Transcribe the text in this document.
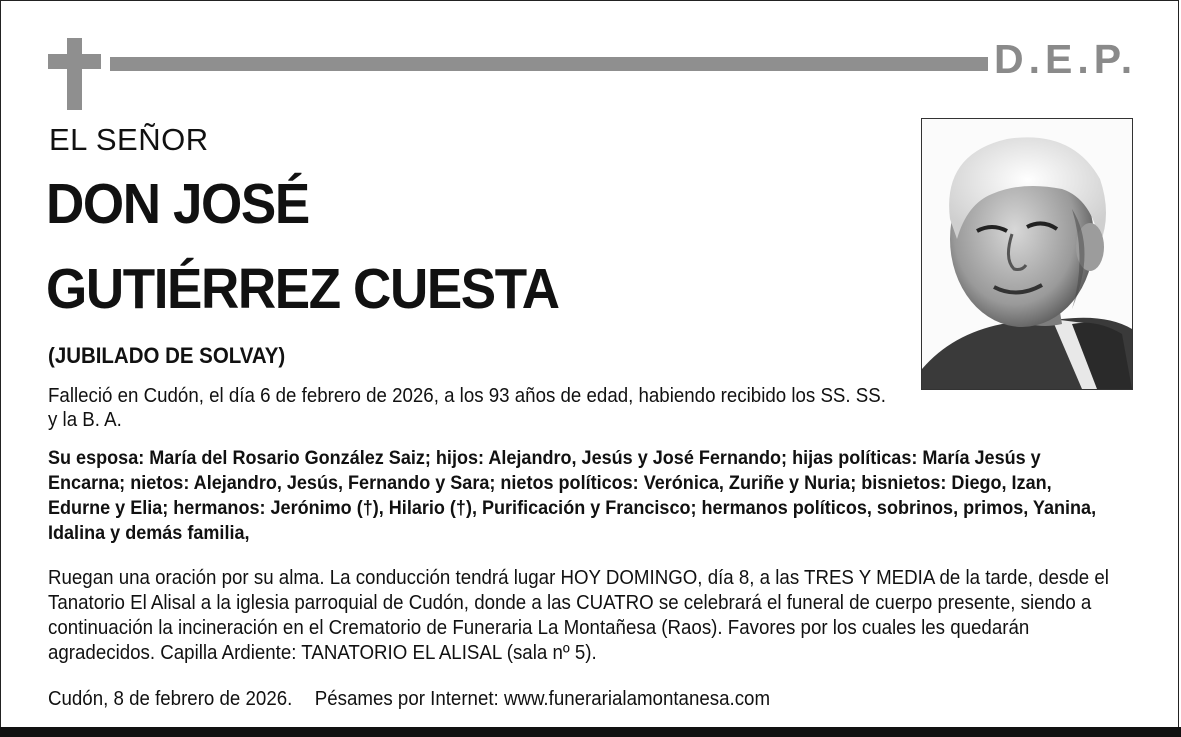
D.E.P.
EL SEÑOR
DON JOSÉ
GUTIÉRREZ CUESTA
(JUBILADO DE SOLVAY)

Falleció en Cudón, el día 6 de febrero de 2026, a los 93 años de edad, habiendo recibido los SS. SS. y la B. A.

Su esposa: María del Rosario González Saiz; hijos: Alejandro, Jesús y José Fernando; hijas políticas: María Jesús y Encarna; nietos: Alejandro, Jesús, Fernando y Sara; nietos políticos: Verónica, Zuriñe y Nuria; bisnietos: Diego, Izan, Edurne y Elia; hermanos: Jerónimo (†), Hilario (†), Purificación y Francisco; hermanos políticos, sobrinos, primos, Yanina, Idalina y demás familia,

Ruegan una oración por su alma. La conducción tendrá lugar HOY DOMINGO, día 8, a las TRES Y MEDIA de la tarde, desde el Tanatorio El Alisal a la iglesia parroquial de Cudón, donde a las CUATRO se celebrará el funeral de cuerpo presente, siendo a continuación la incineración en el Crematorio de Funeraria La Montañesa (Raos). Favores por los cuales les quedarán agradecidos. Capilla Ardiente: TANATORIO EL ALISAL (sala nº 5).

Cudón, 8 de febrero de 2026. Pésames por Internet: www.funerarialamontanesa.com
